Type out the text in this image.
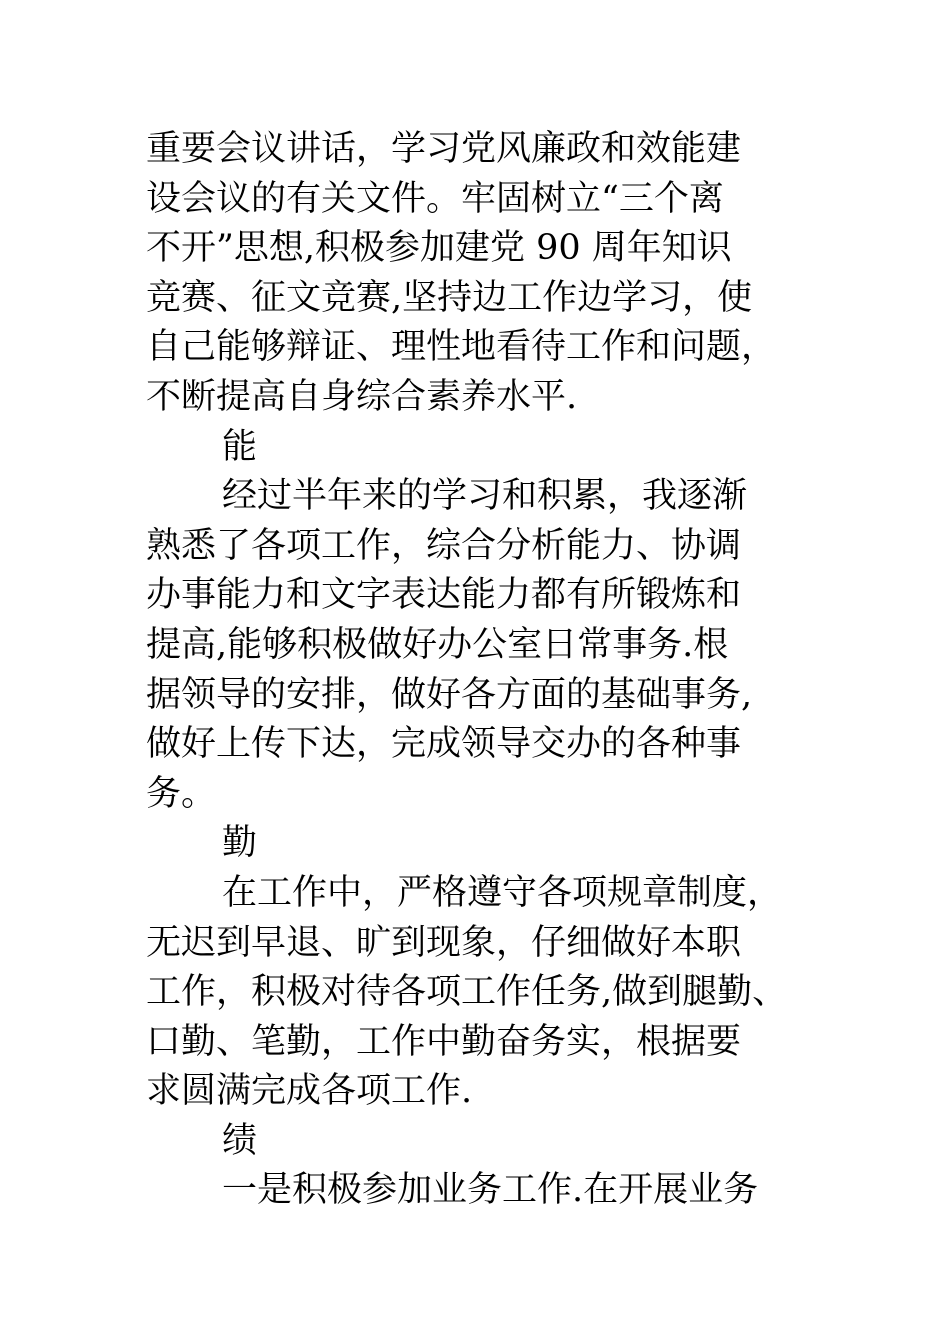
重要会议讲话，学习党风廉政和效能建
设会议的有关文件。牢固树立“三个离
不开”思想,积极参加建党 90 周年知识
竞赛、征文竞赛,坚持边工作边学习，使
自己能够辩证、理性地看待工作和问题，
不断提高自身综合素养水平.
能
经过半年来的学习和积累，我逐渐
熟悉了各项工作，综合分析能力、协调
办事能力和文字表达能力都有所锻炼和
提高,能够积极做好办公室日常事务.根
据领导的安排，做好各方面的基础事务,
做好上传下达，完成领导交办的各种事
务。
勤
在工作中，严格遵守各项规章制度，
无迟到早退、旷到现象，仔细做好本职
工作，积极对待各项工作任务,做到腿勤、
口勤、笔勤，工作中勤奋务实，根据要
求圆满完成各项工作.
绩
一是积极参加业务工作.在开展业务
